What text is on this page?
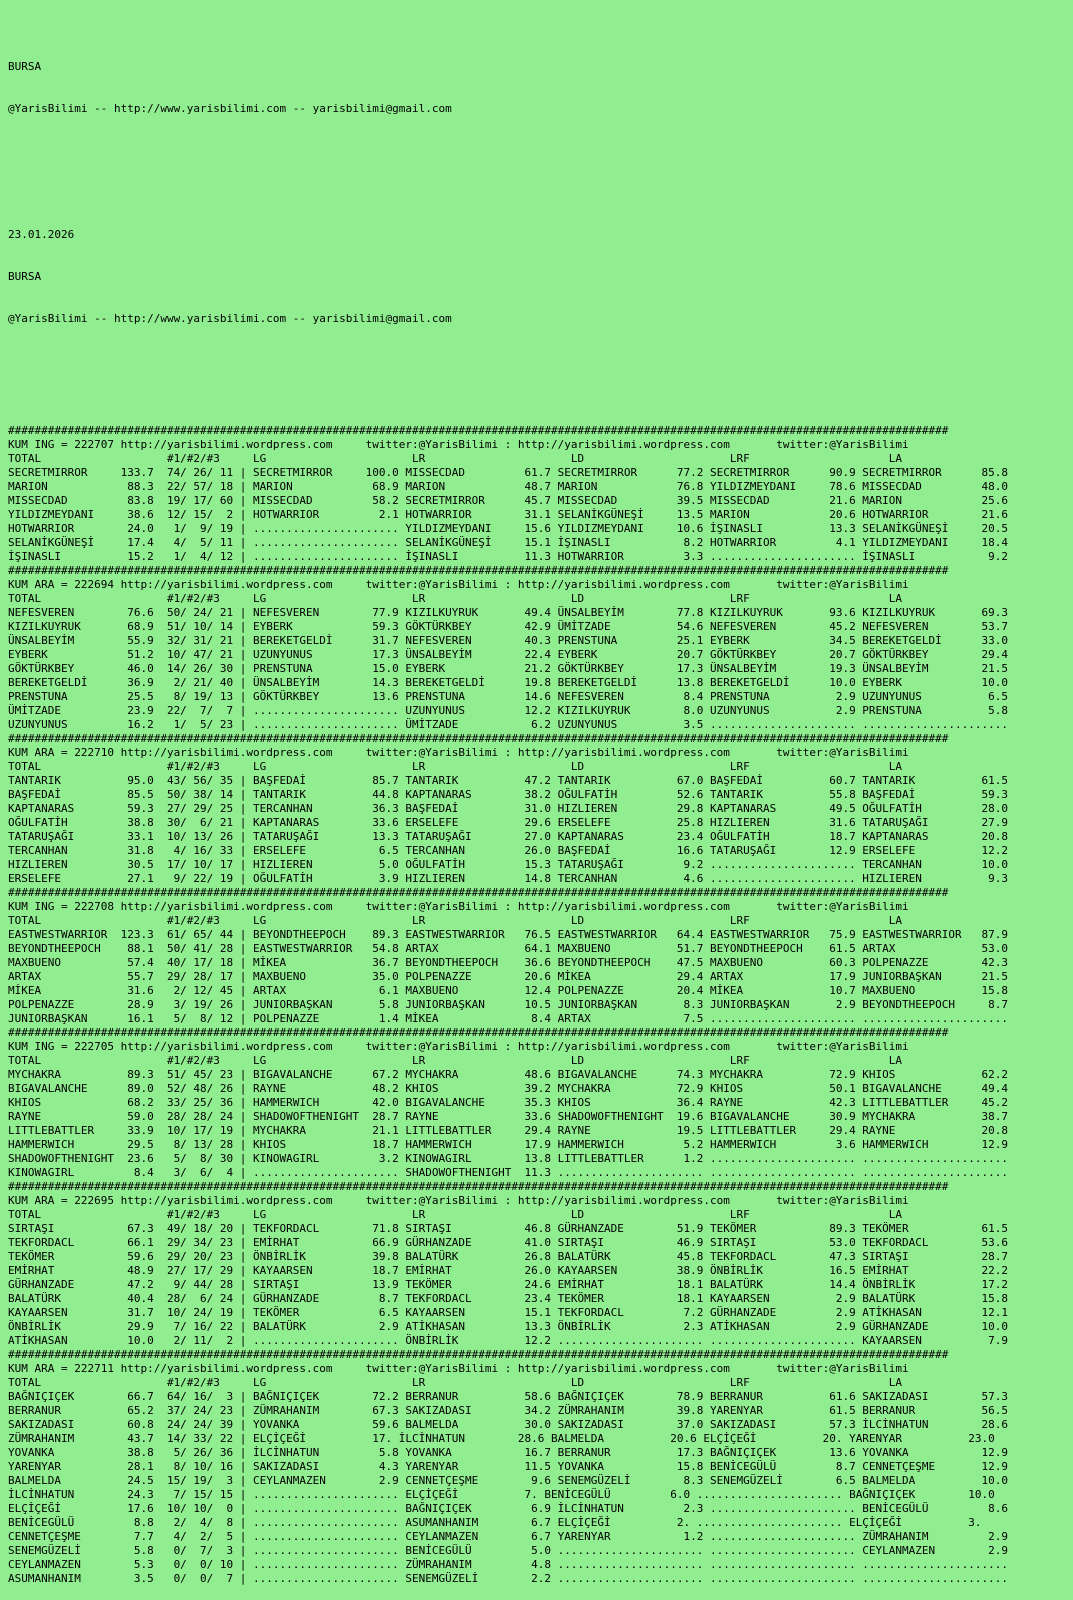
BURSA

@YarisBilimi -- http://www.yarisbilimi.com -- yarisbilimi@gmail.com

23.01.2026

BURSA

@YarisBilimi -- http://www.yarisbilimi.com -- yarisbilimi@gmail.com

##############################################################################################################################################
KUM ING = 222707 http://yarisbilimi.wordpress.com     twitter:@YarisBilimi : http://yarisbilimi.wordpress.com       twitter:@YarisBilimi
TOTAL                   #1/#2/#3     LG                      LR                      LD                      LRF                     LA
SECRETMIRROR     133.7  74/ 26/ 11 | SECRETMIRROR     100.0 MISSECDAD         61.7 SECRETMIRROR      77.2 SECRETMIRROR      90.9 SECRETMIRROR      85.8
MARION            88.3  22/ 57/ 18 | MARION            68.9 MARION            48.7 MARION            76.8 YILDIZMEYDANI     78.6 MISSECDAD         48.0
MISSECDAD         83.8  19/ 17/ 60 | MISSECDAD         58.2 SECRETMIRROR      45.7 MISSECDAD         39.5 MISSECDAD         21.6 MARION            25.6
YILDIZMEYDANI     38.6  12/ 15/  2 | HOTWARRIOR         2.1 HOTWARRIOR        31.1 SELANİKGÜNEŞİ     13.5 MARION            20.6 HOTWARRIOR        21.6
HOTWARRIOR        24.0   1/  9/ 19 | ...................... YILDIZMEYDANI     15.6 YILDIZMEYDANI     10.6 İŞINASLI          13.3 SELANİKGÜNEŞİ     20.5
SELANİKGÜNEŞİ     17.4   4/  5/ 11 | ...................... SELANİKGÜNEŞİ     15.1 İŞINASLI           8.2 HOTWARRIOR         4.1 YILDIZMEYDANI     18.4
İŞINASLI          15.2   1/  4/ 12 | ...................... İŞINASLI          11.3 HOTWARRIOR         3.3 ...................... İŞINASLI           9.2
##############################################################################################################################################
KUM ARA = 222694 http://yarisbilimi.wordpress.com     twitter:@YarisBilimi : http://yarisbilimi.wordpress.com       twitter:@YarisBilimi
TOTAL                   #1/#2/#3     LG                      LR                      LD                      LRF                     LA
NEFESVEREN        76.6  50/ 24/ 21 | NEFESVEREN        77.9 KIZILKUYRUK       49.4 ÜNSALBEYİM        77.8 KIZILKUYRUK       93.6 KIZILKUYRUK       69.3
KIZILKUYRUK       68.9  51/ 10/ 14 | EYBERK            59.3 GÖKTÜRKBEY        42.9 ÜMİTZADE          54.6 NEFESVEREN        45.2 NEFESVEREN        53.7
ÜNSALBEYİM        55.9  32/ 31/ 21 | BEREKETGELDİ      31.7 NEFESVEREN        40.3 PRENSTUNA         25.1 EYBERK            34.5 BEREKETGELDİ      33.0
EYBERK            51.2  10/ 47/ 21 | UZUNYUNUS         17.3 ÜNSALBEYİM        22.4 EYBERK            20.7 GÖKTÜRKBEY        20.7 GÖKTÜRKBEY        29.4
GÖKTÜRKBEY        46.0  14/ 26/ 30 | PRENSTUNA         15.0 EYBERK            21.2 GÖKTÜRKBEY        17.3 ÜNSALBEYİM        19.3 ÜNSALBEYİM        21.5
BEREKETGELDİ      36.9   2/ 21/ 40 | ÜNSALBEYİM        14.3 BEREKETGELDİ      19.8 BEREKETGELDİ      13.8 BEREKETGELDİ      10.0 EYBERK            10.0
PRENSTUNA         25.5   8/ 19/ 13 | GÖKTÜRKBEY        13.6 PRENSTUNA         14.6 NEFESVEREN         8.4 PRENSTUNA          2.9 UZUNYUNUS          6.5
ÜMİTZADE          23.9  22/  7/  7 | ...................... UZUNYUNUS         12.2 KIZILKUYRUK        8.0 UZUNYUNUS          2.9 PRENSTUNA          5.8
UZUNYUNUS         16.2   1/  5/ 23 | ...................... ÜMİTZADE           6.2 UZUNYUNUS          3.5 ...................... ......................
##############################################################################################################################################
KUM ARA = 222710 http://yarisbilimi.wordpress.com     twitter:@YarisBilimi : http://yarisbilimi.wordpress.com       twitter:@YarisBilimi
TOTAL                   #1/#2/#3     LG                      LR                      LD                      LRF                     LA
TANTARIK          95.0  43/ 56/ 35 | BAŞFEDAİ          85.7 TANTARIK          47.2 TANTARIK          67.0 BAŞFEDAİ          60.7 TANTARIK          61.5
BAŞFEDAİ          85.5  50/ 38/ 14 | TANTARIK          44.8 KAPTANARAS        38.2 OĞULFATİH         52.6 TANTARIK          55.8 BAŞFEDAİ          59.3
KAPTANARAS        59.3  27/ 29/ 25 | TERCANHAN         36.3 BAŞFEDAİ          31.0 HIZLIEREN         29.8 KAPTANARAS        49.5 OĞULFATİH         28.0
OĞULFATİH         38.8  30/  6/ 21 | KAPTANARAS        33.6 ERSELEFE          29.6 ERSELEFE          25.8 HIZLIEREN         31.6 TATARUŞAĞI        27.9
TATARUŞAĞI        33.1  10/ 13/ 26 | TATARUŞAĞI        13.3 TATARUŞAĞI        27.0 KAPTANARAS        23.4 OĞULFATİH         18.7 KAPTANARAS        20.8
TERCANHAN         31.8   4/ 16/ 33 | ERSELEFE           6.5 TERCANHAN         26.0 BAŞFEDAİ          16.6 TATARUŞAĞI        12.9 ERSELEFE          12.2
HIZLIEREN         30.5  17/ 10/ 17 | HIZLIEREN          5.0 OĞULFATİH         15.3 TATARUŞAĞI         9.2 ...................... TERCANHAN         10.0
ERSELEFE          27.1   9/ 22/ 19 | OĞULFATİH          3.9 HIZLIEREN         14.8 TERCANHAN          4.6 ...................... HIZLIEREN          9.3
##############################################################################################################################################
KUM ING = 222708 http://yarisbilimi.wordpress.com     twitter:@YarisBilimi : http://yarisbilimi.wordpress.com       twitter:@YarisBilimi
TOTAL                   #1/#2/#3     LG                      LR                      LD                      LRF                     LA
EASTWESTWARRIOR  123.3  61/ 65/ 44 | BEYONDTHEEPOCH    89.3 EASTWESTWARRIOR   76.5 EASTWESTWARRIOR   64.4 EASTWESTWARRIOR   75.9 EASTWESTWARRIOR   87.9
BEYONDTHEEPOCH    88.1  50/ 41/ 28 | EASTWESTWARRIOR   54.8 ARTAX             64.1 MAXBUENO          51.7 BEYONDTHEEPOCH    61.5 ARTAX             53.0
MAXBUENO          57.4  40/ 17/ 18 | MİKEA             36.7 BEYONDTHEEPOCH    36.6 BEYONDTHEEPOCH    47.5 MAXBUENO          60.3 POLPENAZZE        42.3
ARTAX             55.7  29/ 28/ 17 | MAXBUENO          35.0 POLPENAZZE        20.6 MİKEA             29.4 ARTAX             17.9 JUNIORBAŞKAN      21.5
MİKEA             31.6   2/ 12/ 45 | ARTAX              6.1 MAXBUENO          12.4 POLPENAZZE        20.4 MİKEA             10.7 MAXBUENO          15.8
POLPENAZZE        28.9   3/ 19/ 26 | JUNIORBAŞKAN       5.8 JUNIORBAŞKAN      10.5 JUNIORBAŞKAN       8.3 JUNIORBAŞKAN       2.9 BEYONDTHEEPOCH     8.7
JUNIORBAŞKAN      16.1   5/  8/ 12 | POLPENAZZE         1.4 MİKEA              8.4 ARTAX              7.5 ...................... ......................
##############################################################################################################################################
KUM ING = 222705 http://yarisbilimi.wordpress.com     twitter:@YarisBilimi : http://yarisbilimi.wordpress.com       twitter:@YarisBilimi
TOTAL                   #1/#2/#3     LG                      LR                      LD                      LRF                     LA
MYCHAKRA          89.3  51/ 45/ 23 | BIGAVALANCHE      67.2 MYCHAKRA          48.6 BIGAVALANCHE      74.3 MYCHAKRA          72.9 KHIOS             62.2
BIGAVALANCHE      89.0  52/ 48/ 26 | RAYNE             48.2 KHIOS             39.2 MYCHAKRA          72.9 KHIOS             50.1 BIGAVALANCHE      49.4
KHIOS             68.2  33/ 25/ 36 | HAMMERWICH        42.0 BIGAVALANCHE      35.3 KHIOS             36.4 RAYNE             42.3 LITTLEBATTLER     45.2
RAYNE             59.0  28/ 28/ 24 | SHADOWOFTHENIGHT  28.7 RAYNE             33.6 SHADOWOFTHENIGHT  19.6 BIGAVALANCHE      30.9 MYCHAKRA          38.7
LITTLEBATTLER     33.9  10/ 17/ 19 | MYCHAKRA          21.1 LITTLEBATTLER     29.4 RAYNE             19.5 LITTLEBATTLER     29.4 RAYNE             20.8
HAMMERWICH        29.5   8/ 13/ 28 | KHIOS             18.7 HAMMERWICH        17.9 HAMMERWICH         5.2 HAMMERWICH         3.6 HAMMERWICH        12.9
SHADOWOFTHENIGHT  23.6   5/  8/ 30 | KINOWAGIRL         3.2 KINOWAGIRL        13.8 LITTLEBATTLER      1.2 ...................... ......................
KINOWAGIRL         8.4   3/  6/  4 | ...................... SHADOWOFTHENIGHT  11.3 ...................... ...................... ......................
##############################################################################################################################################
KUM ARA = 222695 http://yarisbilimi.wordpress.com     twitter:@YarisBilimi : http://yarisbilimi.wordpress.com       twitter:@YarisBilimi
TOTAL                   #1/#2/#3     LG                      LR                      LD                      LRF                     LA
SIRTAŞI           67.3  49/ 18/ 20 | TEKFORDACL        71.8 SIRTAŞI           46.8 GÜRHANZADE        51.9 TEKÖMER           89.3 TEKÖMER           61.5
TEKFORDACL        66.1  29/ 34/ 23 | EMİRHAT           66.9 GÜRHANZADE        41.0 SIRTAŞI           46.9 SIRTAŞI           53.0 TEKFORDACL        53.6
TEKÖMER           59.6  29/ 20/ 23 | ÖNBİRLİK          39.8 BALATÜRK          26.8 BALATÜRK          45.8 TEKFORDACL        47.3 SIRTAŞI           28.7
EMİRHAT           48.9  27/ 17/ 29 | KAYAARSEN         18.7 EMİRHAT           26.0 KAYAARSEN         38.9 ÖNBİRLİK          16.5 EMİRHAT           22.2
GÜRHANZADE        47.2   9/ 44/ 28 | SIRTAŞI           13.9 TEKÖMER           24.6 EMİRHAT           18.1 BALATÜRK          14.4 ÖNBİRLİK          17.2
BALATÜRK          40.4  28/  6/ 24 | GÜRHANZADE         8.7 TEKFORDACL        23.4 TEKÖMER           18.1 KAYAARSEN          2.9 BALATÜRK          15.8
KAYAARSEN         31.7  10/ 24/ 19 | TEKÖMER            6.5 KAYAARSEN         15.1 TEKFORDACL         7.2 GÜRHANZADE         2.9 ATİKHASAN         12.1
ÖNBİRLİK          29.9   7/ 16/ 22 | BALATÜRK           2.9 ATİKHASAN         13.3 ÖNBİRLİK           2.3 ATİKHASAN          2.9 GÜRHANZADE        10.0
ATİKHASAN         10.0   2/ 11/  2 | ...................... ÖNBİRLİK          12.2 ...................... ...................... KAYAARSEN          7.9
##############################################################################################################################################
KUM ARA = 222711 http://yarisbilimi.wordpress.com     twitter:@YarisBilimi : http://yarisbilimi.wordpress.com       twitter:@YarisBilimi
TOTAL                   #1/#2/#3     LG                      LR                      LD                      LRF                     LA
BAĞNIÇIÇEK        66.7  64/ 16/  3 | BAĞNIÇIÇEK        72.2 BERRANUR          58.6 BAĞNIÇIÇEK        78.9 BERRANUR          61.6 SAKIZADASI        57.3
BERRANUR          65.2  37/ 24/ 23 | ZÜMRAHANIM        67.3 SAKIZADASI        34.2 ZÜMRAHANIM        39.8 YARENYAR          61.5 BERRANUR          56.5
SAKIZADASI        60.8  24/ 24/ 39 | YOVANKA           59.6 BALMELDA          30.0 SAKIZADASI        37.0 SAKIZADASI        57.3 İLCİNHATUN        28.6
ZÜMRAHANIM        43.7  14/ 33/ 22 | ELÇİÇEĞİ          17. İLCİNHATUN        28.6 BALMELDA          20.6 ELÇİÇEĞİ          20. YARENYAR          23.0
YOVANKA           38.8   5/ 26/ 36 | İLCİNHATUN         5.8 YOVANKA           16.7 BERRANUR          17.3 BAĞNIÇIÇEK        13.6 YOVANKA           12.9
YARENYAR          28.1   8/ 10/ 16 | SAKIZADASI         4.3 YARENYAR          11.5 YOVANKA           15.8 BENİCEGÜLÜ         8.7 CENNETÇEŞME       12.9
BALMELDA          24.5  15/ 19/  3 | CEYLANMAZEN        2.9 CENNETÇEŞME        9.6 SENEMGÜZELİ        8.3 SENEMGÜZELİ        6.5 BALMELDA          10.0
İLCİNHATUN        24.3   7/ 15/ 15 | ...................... ELÇİÇEĞİ          7. BENİCEGÜLÜ         6.0 ...................... BAĞNIÇIÇEK        10.0
ELÇİÇEĞİ          17.6  10/ 10/  0 | ...................... BAĞNIÇIÇEK         6.9 İLCİNHATUN         2.3 ...................... BENİCEGÜLÜ         8.6
BENİCEGÜLÜ         8.8   2/  4/  8 | ...................... ASUMANHANIM        6.7 ELÇİÇEĞİ          2. ...................... ELÇİÇEĞİ          3.
CENNETÇEŞME        7.7   4/  2/  5 | ...................... CEYLANMAZEN        6.7 YARENYAR           1.2 ...................... ZÜMRAHANIM         2.9
SENEMGÜZELİ        5.8   0/  7/  3 | ...................... BENİCEGÜLÜ         5.0 ...................... ...................... CEYLANMAZEN        2.9
CEYLANMAZEN        5.3   0/  0/ 10 | ...................... ZÜMRAHANIM         4.8 ...................... ...................... ......................
ASUMANHANIM        3.5   0/  0/  7 | ...................... SENEMGÜZELİ        2.2 ...................... ...................... ......................
